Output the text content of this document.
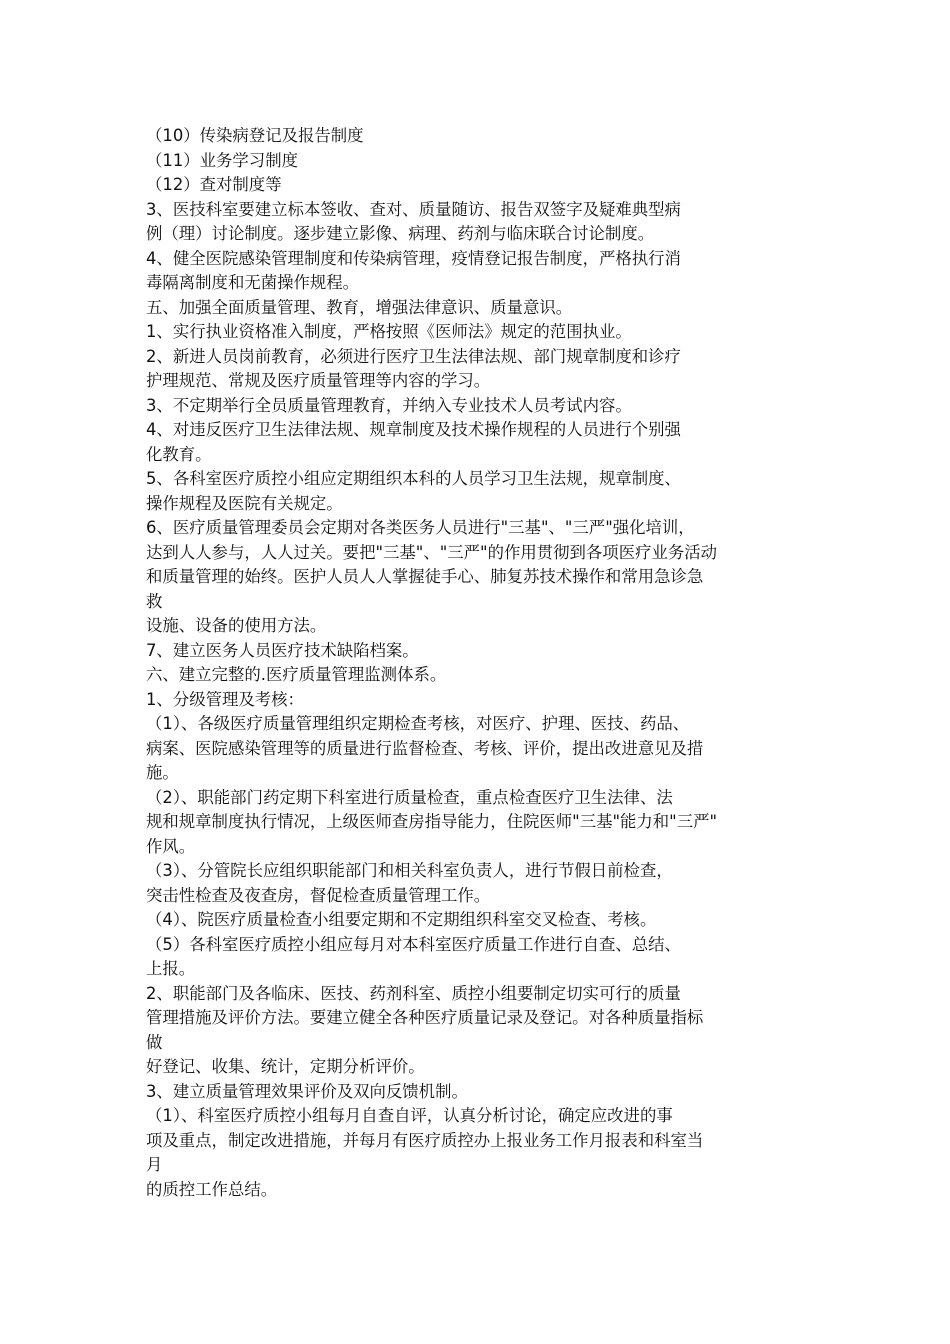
（10）传染病登记及报告制度
（11）业务学习制度
（12）查对制度等
3、医技科室要建立标本签收、查对、质量随访、报告双签字及疑难典型病
例（理）讨论制度。逐步建立影像、病理、药剂与临床联合讨论制度。
4、健全医院感染管理制度和传染病管理，疫情登记报告制度，严格执行消
毒隔离制度和无菌操作规程。
五、加强全面质量管理、教育，增强法律意识、质量意识。
1、实行执业资格准入制度，严格按照《医师法》规定的范围执业。
2、新进人员岗前教育，必须进行医疗卫生法律法规、部门规章制度和诊疗
护理规范、常规及医疗质量管理等内容的学习。
3、不定期举行全员质量管理教育，并纳入专业技术人员考试内容。
4、对违反医疗卫生法律法规、规章制度及技术操作规程的人员进行个别强
化教育。
5、各科室医疗质控小组应定期组织本科的人员学习卫生法规，规章制度、
操作规程及医院有关规定。
6、医疗质量管理委员会定期对各类医务人员进行"三基"、"三严"强化培训，
达到人人参与，人人过关。要把"三基"、"三严"的作用贯彻到各项医疗业务活动
和质量管理的始终。医护人员人人掌握徒手心、肺复苏技术操作和常用急诊急
救
设施、设备的使用方法。
7、建立医务人员医疗技术缺陷档案。
六、建立完整的.医疗质量管理监测体系。
1、分级管理及考核：
（1）、各级医疗质量管理组织定期检查考核，对医疗、护理、医技、药品、
病案、医院感染管理等的质量进行监督检查、考核、评价，提出改进意见及措
施。
（2）、职能部门药定期下科室进行质量检查，重点检查医疗卫生法律、法
规和规章制度执行情况，上级医师查房指导能力，住院医师"三基"能力和"三严"
作风。
（3）、分管院长应组织职能部门和相关科室负责人，进行节假日前检查，
突击性检查及夜查房，督促检查质量管理工作。
（4）、院医疗质量检查小组要定期和不定期组织科室交叉检查、考核。
（5）各科室医疗质控小组应每月对本科室医疗质量工作进行自查、总结、
上报。
2、职能部门及各临床、医技、药剂科室、质控小组要制定切实可行的质量
管理措施及评价方法。要建立健全各种医疗质量记录及登记。对各种质量指标
做
好登记、收集、统计，定期分析评价。
3、建立质量管理效果评价及双向反馈机制。
（1）、科室医疗质控小组每月自查自评，认真分析讨论，确定应改进的事
项及重点，制定改进措施，并每月有医疗质控办上报业务工作月报表和科室当
月
的质控工作总结。
